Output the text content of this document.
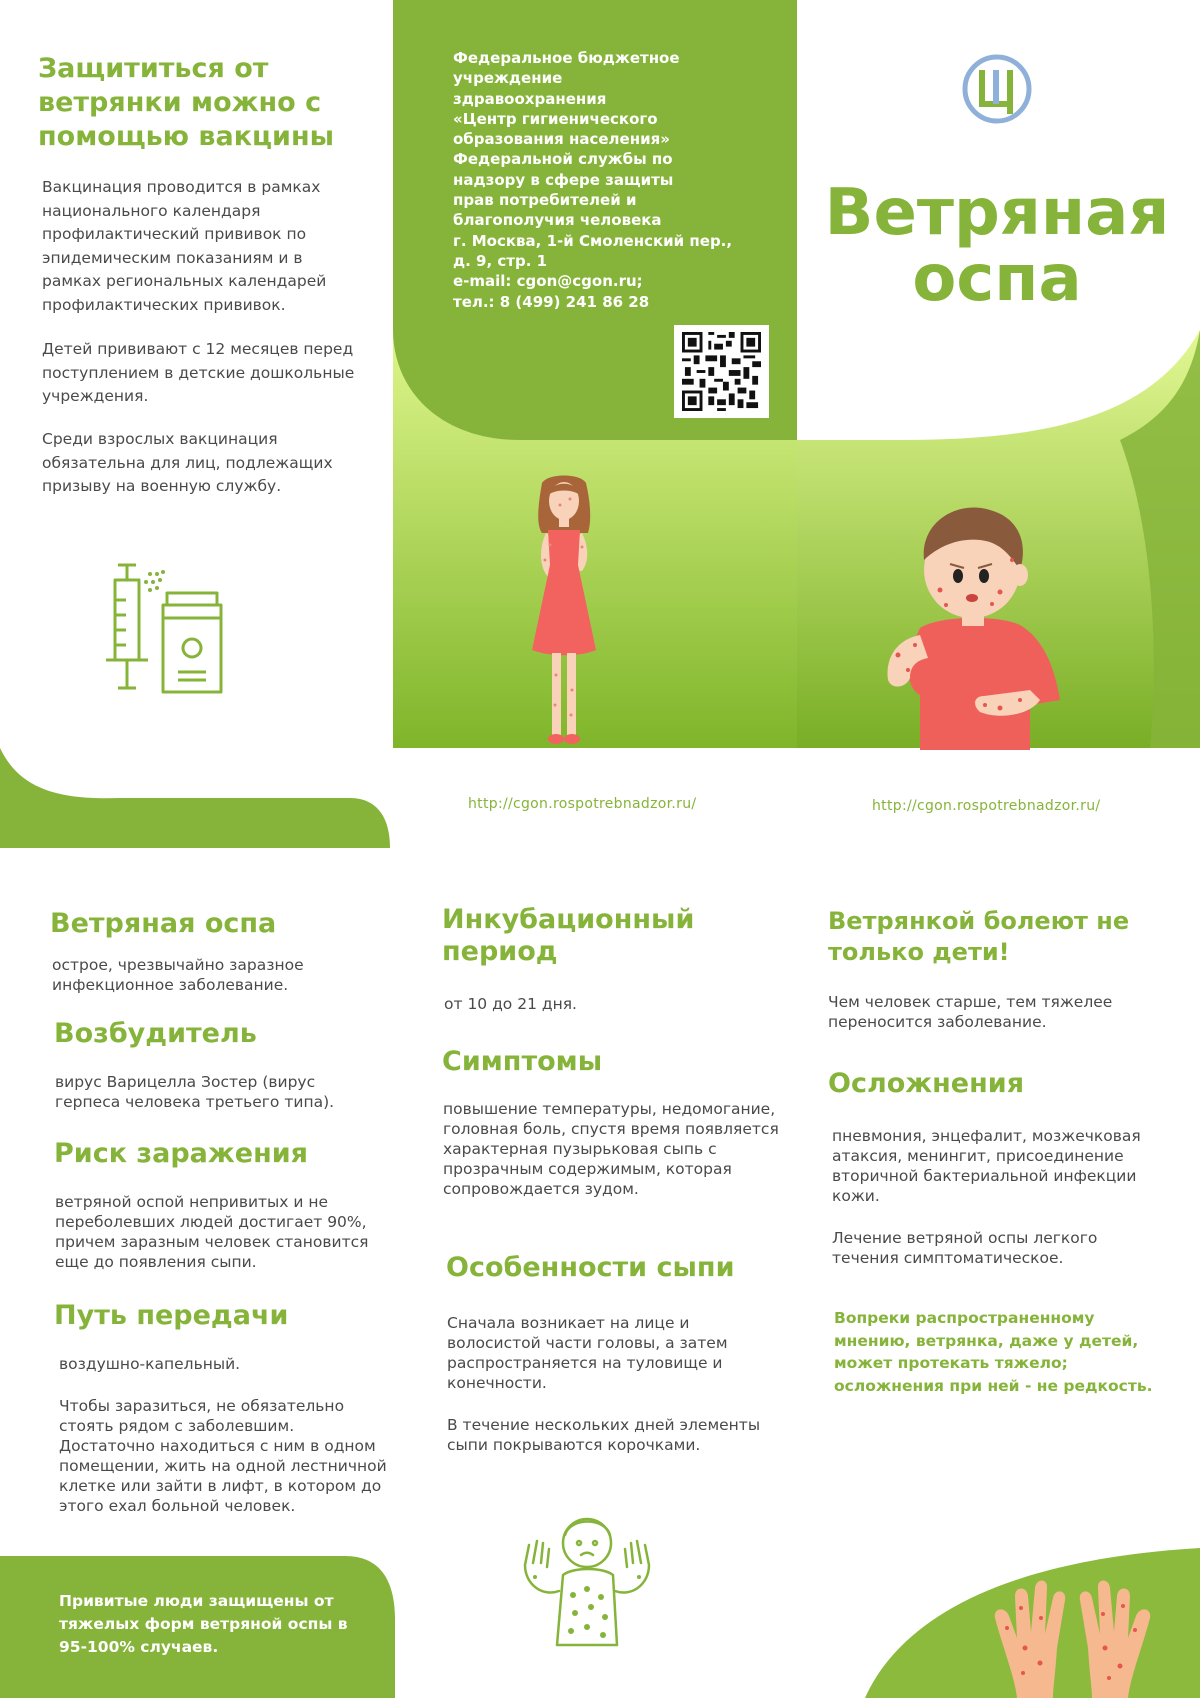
Защититься от ветрянки можно с помощью вакцины
Вакцинация проводится в рамках национального календаря профилактический прививок по эпидемическим показаниям и в рамках региональных календарей профилактических прививок.
Детей прививают с 12 месяцев перед поступлением в детские дошкольные учреждения.
Среди взрослых вакцинация обязательна для лиц, подлежащих призыву на военную службу.
Федеральное бюджетное
учреждение
здравоохранения
«Центр гигиенического
образования населения»
Федеральной службы по
надзору в сфере защиты
прав потребителей и
благополучия человека
г. Москва, 1-й Смоленский пер.,
д. 9, стр. 1
e-mail: cgon@cgon.ru;
тел.: 8 (499) 241 86 28
http://cgon.rospotrebnadzor.ru/
Ветряная
оспа
http://cgon.rospotrebnadzor.ru/
Ветряная оспа
острое, чрезвычайно заразное инфекционное заболевание.
Возбудитель
вирус Варицелла Зостер (вирус герпеса человека третьего типа).
Риск заражения
ветряной оспой непривитых и не переболевших людей достигает 90%, причем заразным человек становится еще до появления сыпи.
Путь передачи
воздушно-капельный.
Чтобы заразиться, не обязательно стоять рядом с заболевшим. Достаточно находиться с ним в одном помещении, жить на одной лестничной клетке или зайти в лифт, в котором до этого ехал больной человек.
Привитые люди защищены от тяжелых форм ветряной оспы в 95-100% случаев.
Инкубационный период
от 10 до 21 дня.
Симптомы
повышение температуры, недомогание, головная боль, спустя время появляется характерная пузырьковая сыпь с прозрачным содержимым, которая сопровождается зудом.
Особенности сыпи
Сначала возникает на лице и волосистой части головы, а затем распространяется на туловище и конечности.
В течение нескольких дней элементы сыпи покрываются корочками.
Ветрянкой болеют не только дети!
Чем человек старше, тем тяжелее переносится заболевание.
Осложнения
пневмония, энцефалит, мозжечковая атаксия, менингит, присоединение вторичной бактериальной инфекции кожи.
Лечение ветряной оспы легкого течения симптоматическое.
Вопреки распространенному мнению, ветрянка, даже у детей, может протекать тяжело; осложнения при ней - не редкость.
